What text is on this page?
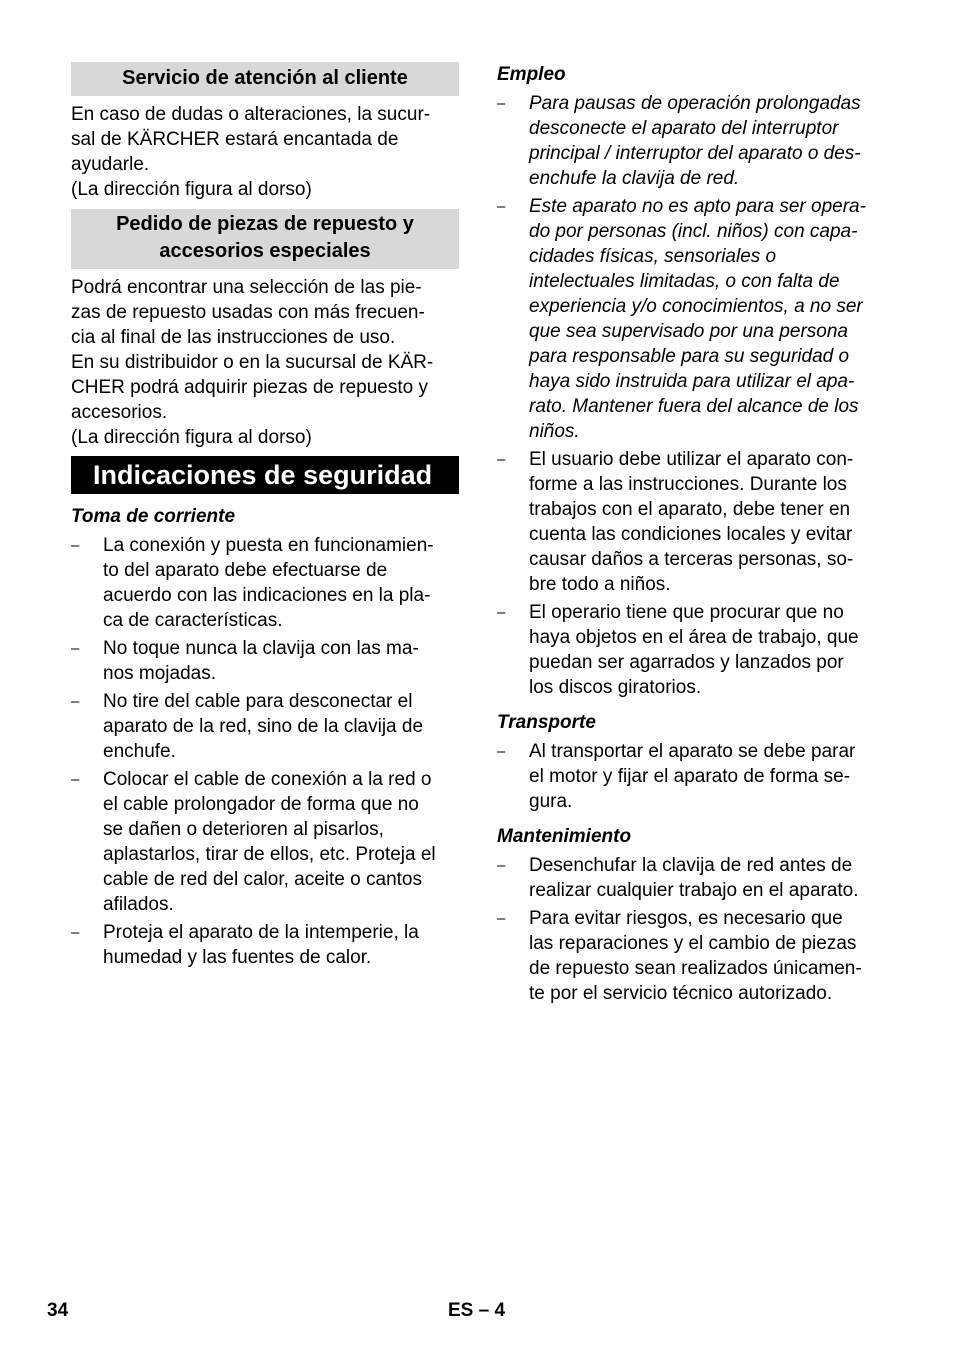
Servicio de atención al cliente
En caso de dudas o alteraciones, la sucur-
sal de KÄRCHER estará encantada de
ayudarle.
(La dirección figura al dorso)
Pedido de piezas de repuesto y
accesorios especiales
Podrá encontrar una selección de las pie-
zas de repuesto usadas con más frecuen-
cia al final de las instrucciones de uso.
En su distribuidor o en la sucursal de KÄR-
CHER podrá adquirir piezas de repuesto y
accesorios.
(La dirección figura al dorso)
Indicaciones de seguridad
Toma de corriente
– La conexión y puesta en funcionamien-
to del aparato debe efectuarse de
acuerdo con las indicaciones en la pla-
ca de características.
– No toque nunca la clavija con las ma-
nos mojadas.
– No tire del cable para desconectar el
aparato de la red, sino de la clavija de
enchufe.
– Colocar el cable de conexión a la red o
el cable prolongador de forma que no
se dañen o deterioren al pisarlos,
aplastarlos, tirar de ellos, etc. Proteja el
cable de red del calor, aceite o cantos
afilados.
– Proteja el aparato de la intemperie, la
humedad y las fuentes de calor.
Empleo
– Para pausas de operación prolongadas
desconecte el aparato del interruptor
principal / interruptor del aparato o des-
enchufe la clavija de red.
– Este aparato no es apto para ser opera-
do por personas (incl. niños) con capa-
cidades físicas, sensoriales o
intelectuales limitadas, o con falta de
experiencia y/o conocimientos, a no ser
que sea supervisado por una persona
para responsable para su seguridad o
haya sido instruida para utilizar el apa-
rato. Mantener fuera del alcance de los
niños.
– El usuario debe utilizar el aparato con-
forme a las instrucciones. Durante los
trabajos con el aparato, debe tener en
cuenta las condiciones locales y evitar
causar daños a terceras personas, so-
bre todo a niños.
– El operario tiene que procurar que no
haya objetos en el área de trabajo, que
puedan ser agarrados y lanzados por
los discos giratorios.
Transporte
– Al transportar el aparato se debe parar
el motor y fijar el aparato de forma se-
gura.
Mantenimiento
– Desenchufar la clavija de red antes de
realizar cualquier trabajo en el aparato.
– Para evitar riesgos, es necesario que
las reparaciones y el cambio de piezas
de repuesto sean realizados únicamen-
te por el servicio técnico autorizado.
34	ES – 4
